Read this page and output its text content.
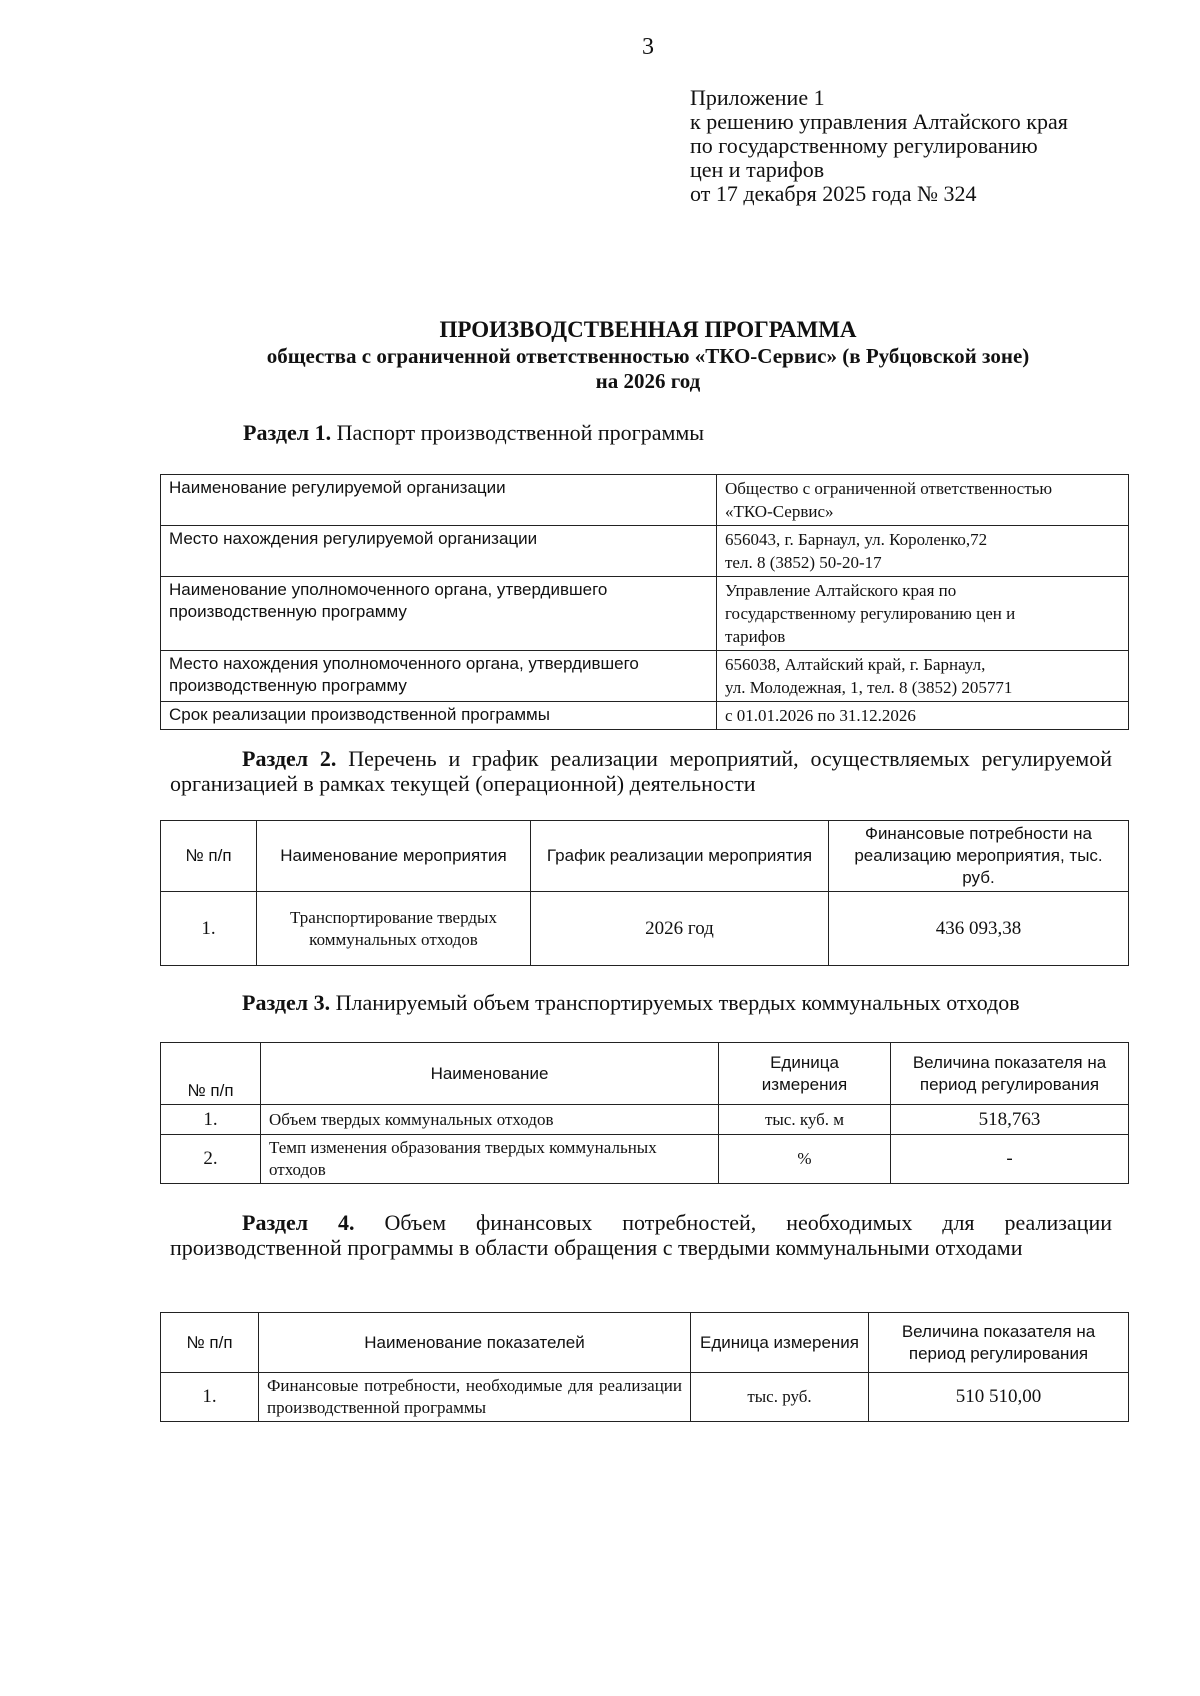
3
Приложение 1
к решению управления Алтайского края
по государственному регулированию
цен и тарифов
от 17 декабря 2025 года № 324
ПРОИЗВОДСТВЕННАЯ ПРОГРАММА
общества с ограниченной ответственностью «ТКО-Сервис» (в Рубцовской зоне)
на 2026 год
Раздел 1. Паспорт производственной программы
Наименование регулируемой организации	Общество с ограниченной ответственностью
«ТКО-Сервис»

Место нахождения регулируемой организации	656043, г. Барнаул, ул. Короленко,72
тел. 8 (3852) 50-20-17

Наименование уполномоченного органа, утвердившего производственную программу	Управление Алтайского края по
государственному регулированию цен и
тарифов

Место нахождения уполномоченного органа, утвердившего производственную программу	656038, Алтайский край, г. Барнаул,
ул. Молодежная, 1, тел. 8 (3852) 205771

Срок реализации производственной программы	с 01.01.2026 по 31.12.2026
Раздел 2. Перечень и график реализации мероприятий, осуществляемых регулируемой организацией в рамках текущей (операционной) деятельности
№ п/п	Наименование мероприятия	График реализации мероприятия	Финансовые потребности на реализацию мероприятия, тыс. руб.
1.	Транспортирование твердых коммунальных отходов	2026 год	436 093,38
Раздел 3. Планируемый объем транспортируемых твердых коммунальных отходов
№ п/п	Наименование	Единица измерения	Величина показателя на период регулирования
1.	Объем твердых коммунальных отходов	тыс. куб. м	518,763
2.	Темп изменения образования твердых коммунальных отходов	%	-
Раздел 4. Объем финансовых потребностей, необходимых для реализации производственной программы в области обращения с твердыми коммунальными отходами
№ п/п	Наименование показателей	Единица измерения	Величина показателя на период регулирования
1.	Финансовые потребности, необходимые для реализации производственной программы	тыс. руб.	510 510,00
